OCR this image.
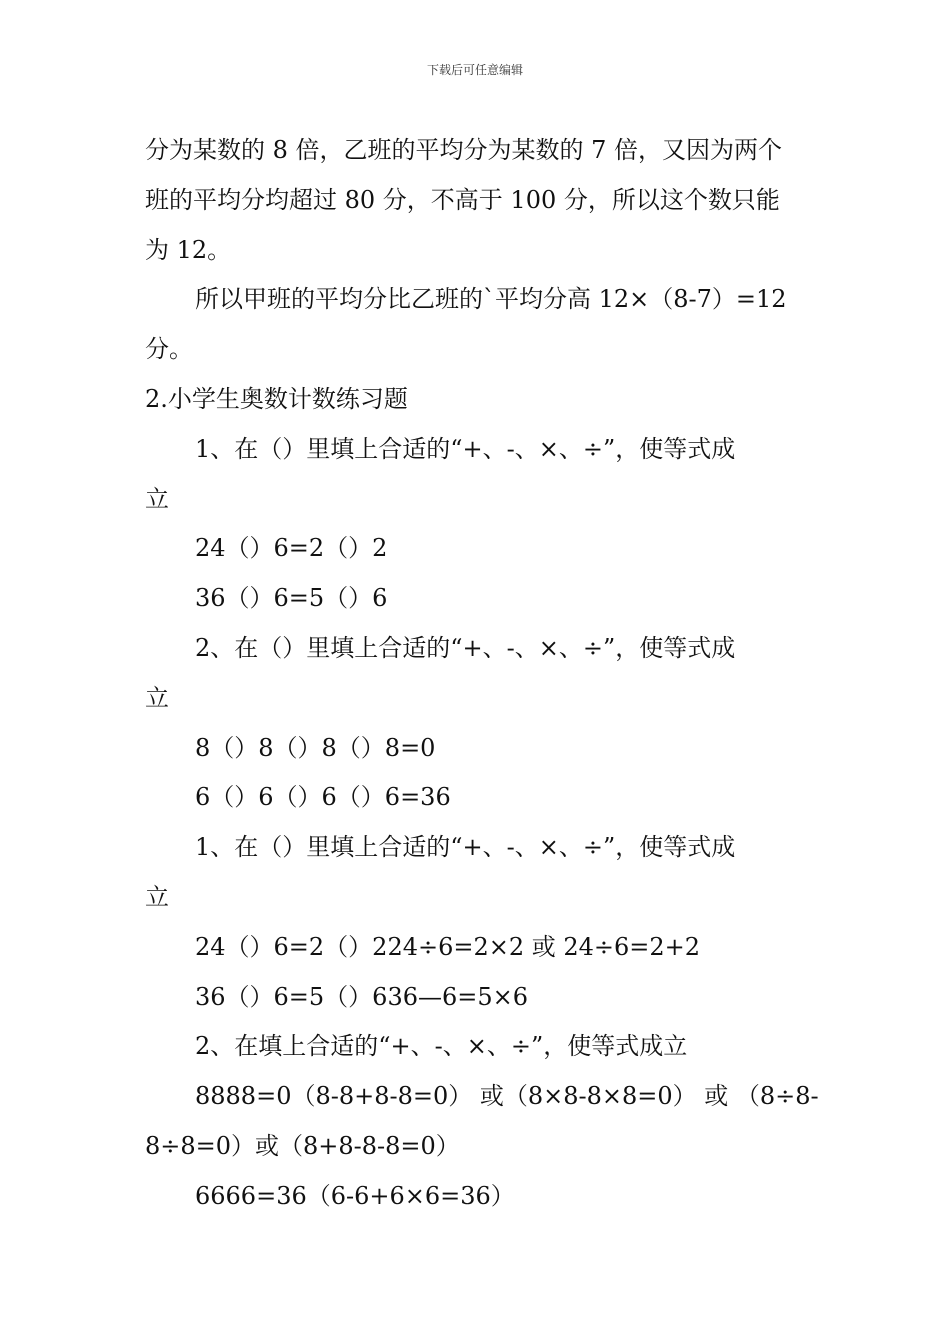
下载后可任意编辑
分为某数的 8 倍，乙班的平均分为某数的 7 倍，又因为两个
班的平均分均超过 80 分，不高于 100 分，所以这个数只能
为 12。
所以甲班的平均分比乙班的`平均分高 12×（8-7）=12
分。
2.小学生奥数计数练习题
1、在（）里填上合适的“+、-、×、÷”，使等式成
立
24（）6=2（）2
36（）6=5（）6
2、在（）里填上合适的“+、-、×、÷”，使等式成
立
8（）8（）8（）8=0
6（）6（）6（）6=36
1、在（）里填上合适的“+、-、×、÷”，使等式成
立
24（）6=2（）224÷6=2×2 或 24÷6=2+2
36（）6=5（）636—6=5×6
2、在填上合适的“+、-、×、÷”，使等式成立
8888=0（8-8+8-8=0） 或（8×8-8×8=0） 或 （8÷8-
8÷8=0）或（8+8-8-8=0）
6666=36（6-6+6×6=36）
